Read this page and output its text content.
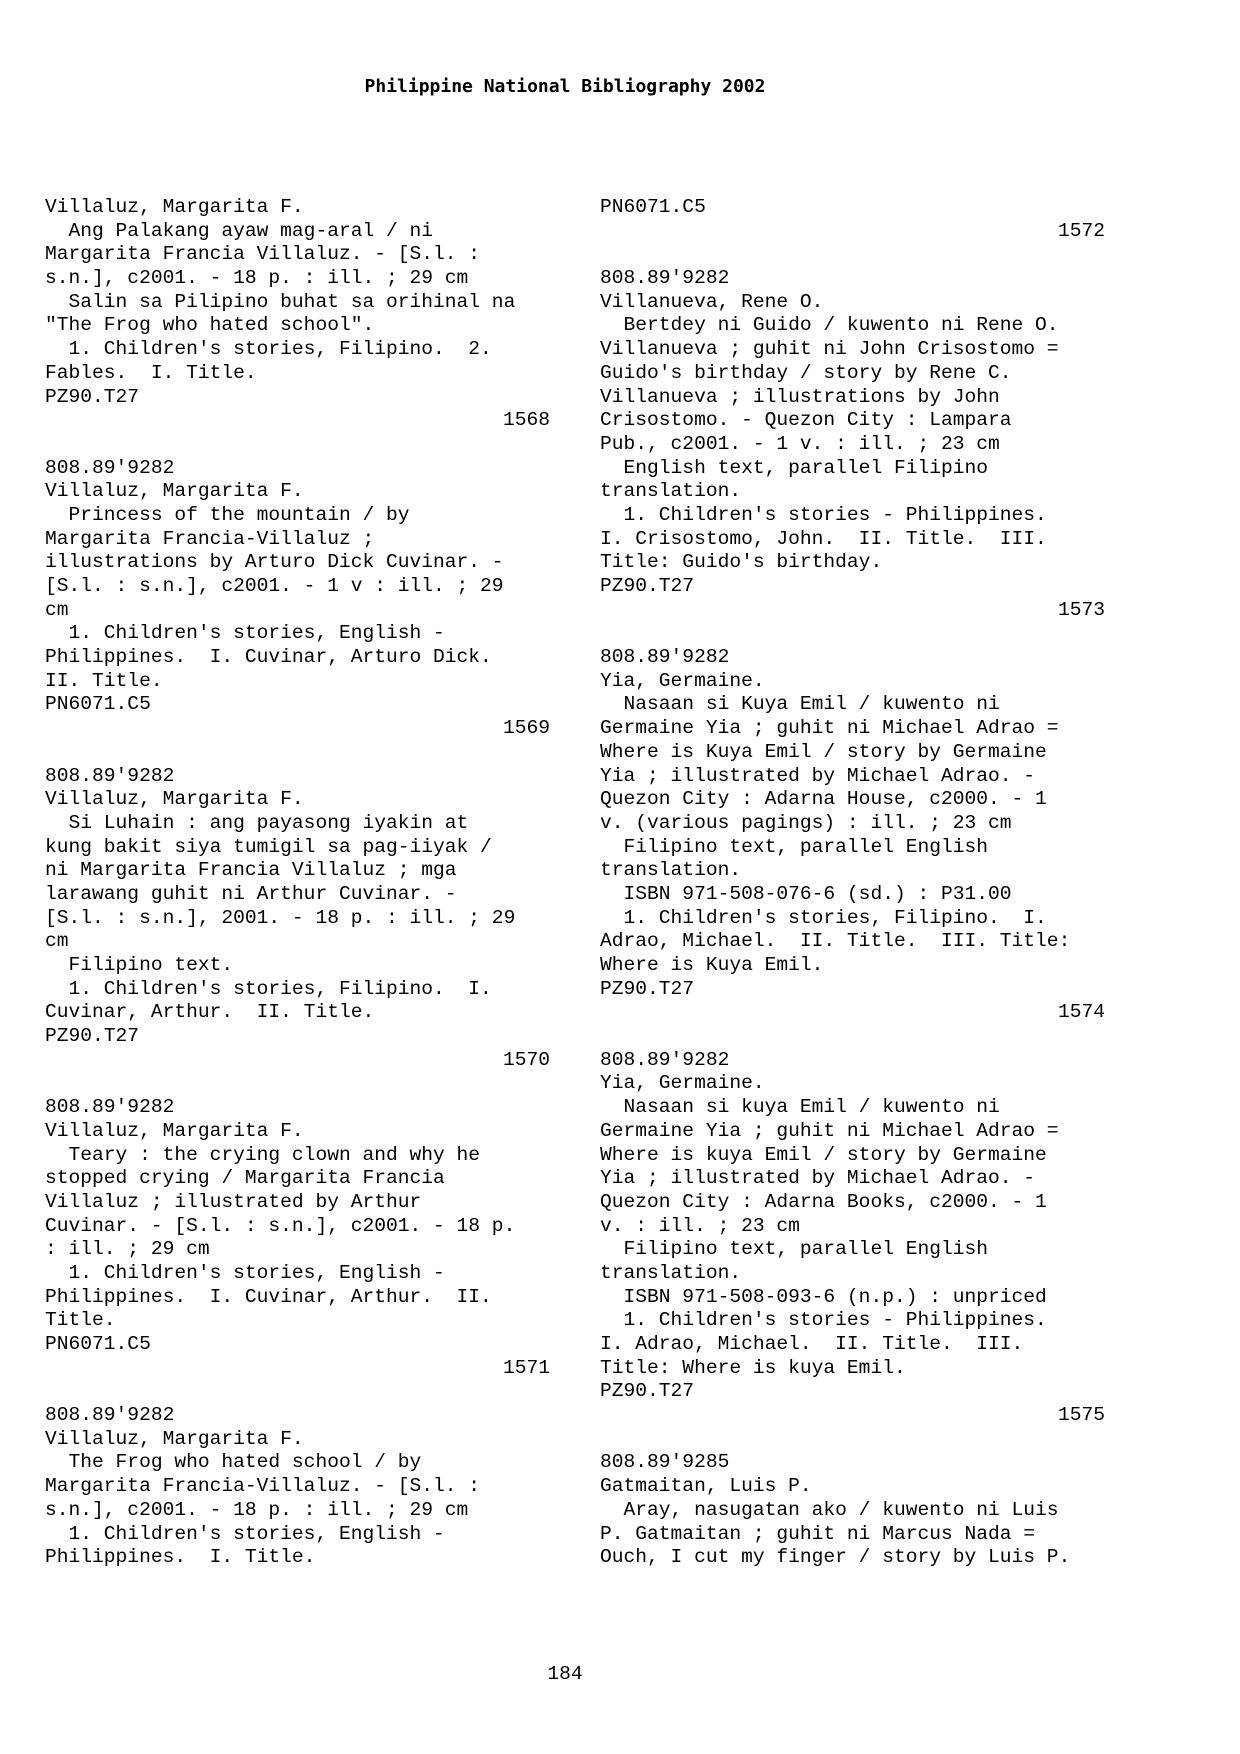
Philippine National Bibliography 2002
Villaluz, Margarita F.
Ang Palakang ayaw mag-aral / ni
Margarita Francia Villaluz. - [S.l. :
s.n.], c2001. - 18 p. : ill. ; 29 cm
Salin sa Pilipino buhat sa orihinal na
"The Frog who hated school".
1. Children's stories, Filipino.  2.
Fables.  I. Title.
PZ90.T27
1568
808.89'9282
Villaluz, Margarita F.
Princess of the mountain / by
Margarita Francia-Villaluz ;
illustrations by Arturo Dick Cuvinar. -
[S.l. : s.n.], c2001. - 1 v : ill. ; 29
cm
1. Children's stories, English -
Philippines.  I. Cuvinar, Arturo Dick.
II. Title.
PN6071.C5
1569
808.89'9282
Villaluz, Margarita F.
Si Luhain : ang payasong iyakin at
kung bakit siya tumigil sa pag-iiyak /
ni Margarita Francia Villaluz ; mga
larawang guhit ni Arthur Cuvinar. -
[S.l. : s.n.], 2001. - 18 p. : ill. ; 29
cm
Filipino text.
1. Children's stories, Filipino.  I.
Cuvinar, Arthur.  II. Title.
PZ90.T27
1570
808.89'9282
Villaluz, Margarita F.
Teary : the crying clown and why he
stopped crying / Margarita Francia
Villaluz ; illustrated by Arthur
Cuvinar. - [S.l. : s.n.], c2001. - 18 p.
: ill. ; 29 cm
1. Children's stories, English -
Philippines.  I. Cuvinar, Arthur.  II.
Title.
PN6071.C5
1571
808.89'9282
Villaluz, Margarita F.
The Frog who hated school / by
Margarita Francia-Villaluz. - [S.l. :
s.n.], c2001. - 18 p. : ill. ; 29 cm
1. Children's stories, English -
Philippines.  I. Title.
PN6071.C5
1572
808.89'9282
Villanueva, Rene O.
Bertdey ni Guido / kuwento ni Rene O.
Villanueva ; guhit ni John Crisostomo =
Guido's birthday / story by Rene C.
Villanueva ; illustrations by John
Crisostomo. - Quezon City : Lampara
Pub., c2001. - 1 v. : ill. ; 23 cm
English text, parallel Filipino
translation.
1. Children's stories - Philippines.
I. Crisostomo, John.  II. Title.  III.
Title: Guido's birthday.
PZ90.T27
1573
808.89'9282
Yia, Germaine.
Nasaan si Kuya Emil / kuwento ni
Germaine Yia ; guhit ni Michael Adrao =
Where is Kuya Emil / story by Germaine
Yia ; illustrated by Michael Adrao. -
Quezon City : Adarna House, c2000. - 1
v. (various pagings) : ill. ; 23 cm
Filipino text, parallel English
translation.
ISBN 971-508-076-6 (sd.) : P31.00
1. Children's stories, Filipino.  I.
Adrao, Michael.  II. Title.  III. Title:
Where is Kuya Emil.
PZ90.T27
1574
808.89'9282
Yia, Germaine.
Nasaan si kuya Emil / kuwento ni
Germaine Yia ; guhit ni Michael Adrao =
Where is kuya Emil / story by Germaine
Yia ; illustrated by Michael Adrao. -
Quezon City : Adarna Books, c2000. - 1
v. : ill. ; 23 cm
Filipino text, parallel English
translation.
ISBN 971-508-093-6 (n.p.) : unpriced
1. Children's stories - Philippines.
I. Adrao, Michael.  II. Title.  III.
Title: Where is kuya Emil.
PZ90.T27
1575
808.89'9285
Gatmaitan, Luis P.
Aray, nasugatan ako / kuwento ni Luis
P. Gatmaitan ; guhit ni Marcus Nada =
Ouch, I cut my finger / story by Luis P.
184
